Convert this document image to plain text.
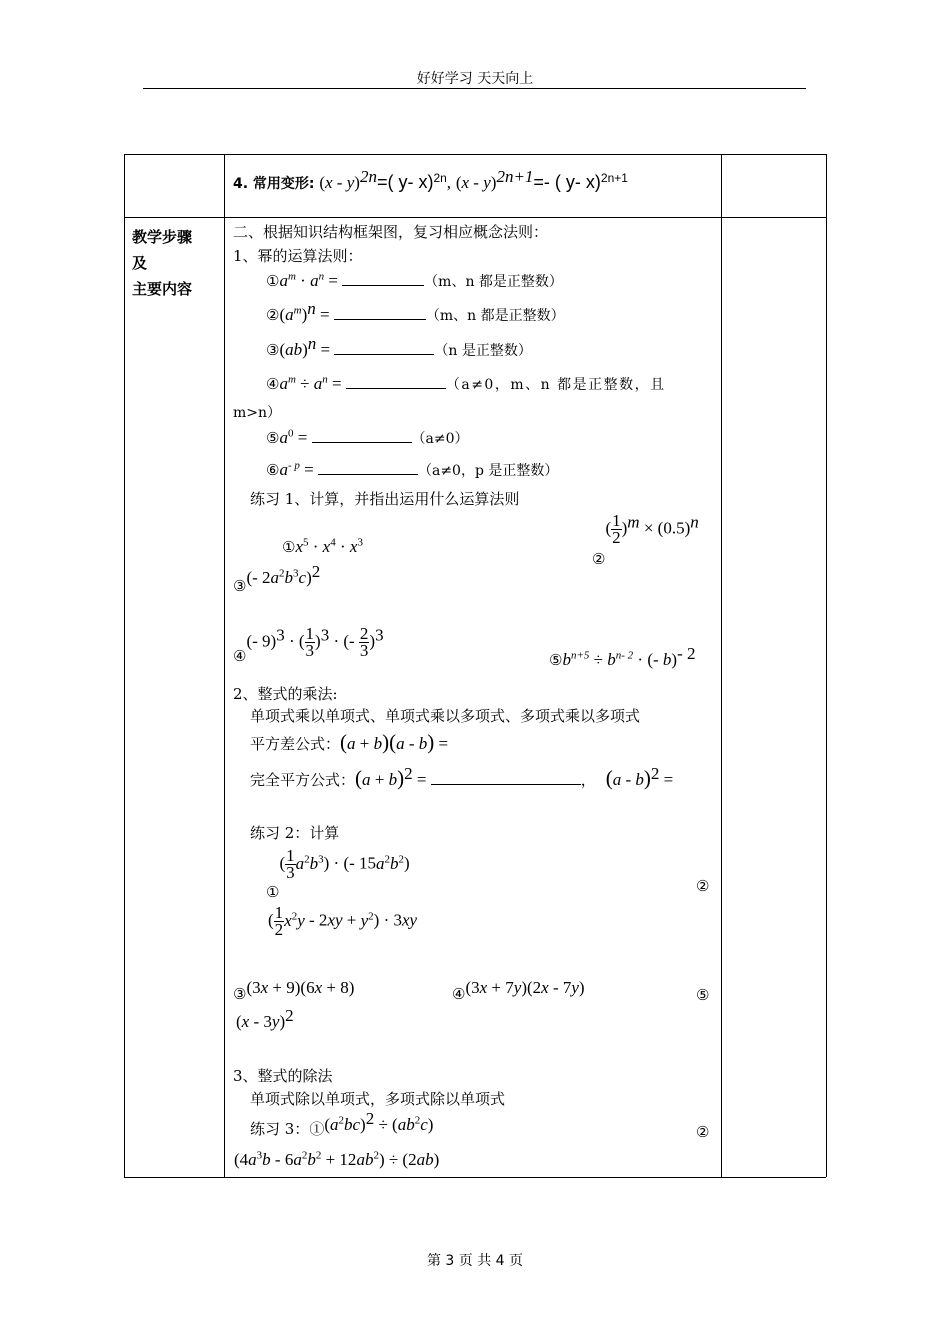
好好学习 天天向上
4. 常用变形: (x - y)$^{2n}$=( y- x)$^{2n}$, (x - y)$^{2n+1}$=- ( y- x)$^{2n+1}$
教学步骤
及
主要内容
二、根据知识结构框架图，复习相应概念法则：
1、幂的运算法则：
$①a^m \cdot a^n$ =	（m、n 都是正整数）
$②(a^m)^n$ =	（m、n 都是正整数）
③(ab)$^n$ =	（n 是正整数）
$④a^m \div a^n$ =	（a≠0，m、n 都是正整数，且
m>n）
$⑤a^0$ =	（a≠0）
$⑥a^{- p}$ =	（a≠0，p 是正整数）
练习 1、计算，并指出运用什么运算法则
$①x^5 \cdot x^4 \cdot x^3$
②( $\frac{1}{2} )^m \times (0.5)^n$
③(- $2a^2b^3c)^2$
④(- 9)$^3$ · ( $\frac{1}{3} )^3$ · (- $\frac{2}{3} )^3$
$⑤b^{n+5} \div b^{n- 2}$ · (- b)$^{- 2}$
2、整式的乘法:
单项式乘以单项式、单项式乘以多项式、多项式乘以多项式
平方差公式：(a + b)(a - b) =
完全平方公式：$(a + b)^2$ =	， (a - b)$^2$ =
练习 2：计算
①( $\frac{1}{3} a^2b^3$) · (- $15a^2b^2$)
②
( $\frac{1}{2} x^2y - 2xy + y^2) \cdot 3xy$
③(3x + 9)(6x + 8)	④(3x + 7y)(2x - 7y)	⑤
(x - 3y)$^2$
3、整式的除法
单项式除以单项式，多项式除以单项式
练习 3：$①(a^2bc)^2 \div (ab^2c)$	②
$(4a^3b - 6a^2b^2 + 12ab^2) \div (2ab)$
第 3 页 共 4 页
